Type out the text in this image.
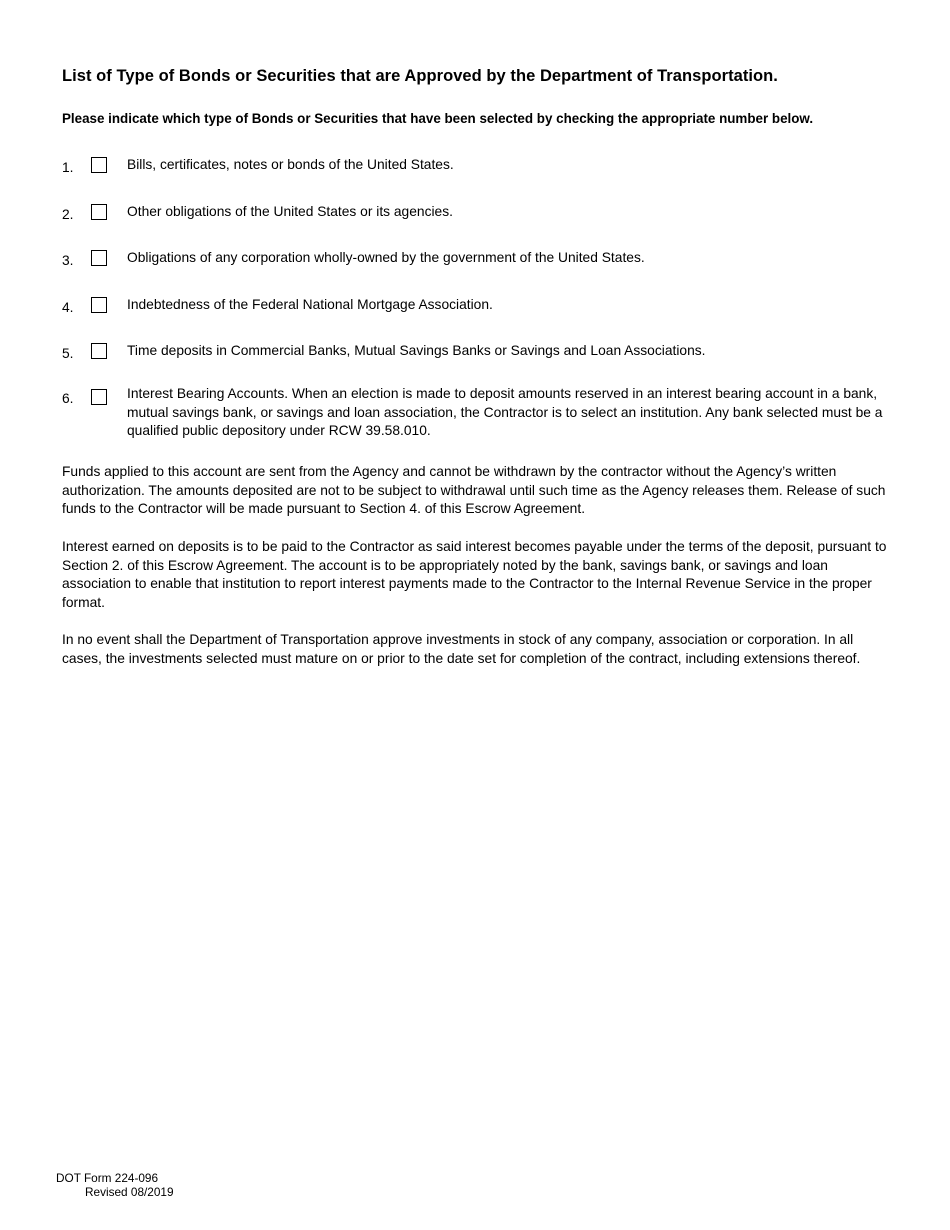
List of Type of Bonds or Securities that are Approved by the Department of Transportation.
Please indicate which type of Bonds or Securities that have been selected by checking the appropriate number below.
1.	Bills, certificates, notes or bonds of the United States.
2.	Other obligations of the United States or its agencies.
3.	Obligations of any corporation wholly-owned by the government of the United States.
4.	Indebtedness of the Federal National Mortgage Association.
5.	Time deposits in Commercial Banks, Mutual Savings Banks or Savings and Loan Associations.
6.	Interest Bearing Accounts. When an election is made to deposit amounts reserved in an interest bearing account in a bank, mutual savings bank, or savings and loan association, the Contractor is to select an institution. Any bank selected must be a qualified public depository under RCW 39.58.010.
Funds applied to this account are sent from the Agency and cannot be withdrawn by the contractor without the Agency’s written authorization. The amounts deposited are not to be subject to withdrawal until such time as the Agency releases them. Release of such funds to the Contractor will be made pursuant to Section 4. of this Escrow Agreement.
Interest earned on deposits is to be paid to the Contractor as said interest becomes payable under the terms of the deposit, pursuant to Section 2. of this Escrow Agreement. The account is to be appropriately noted by the bank, savings bank, or savings and loan association to enable that institution to report interest payments made to the Contractor to the Internal Revenue Service in the proper format.
In no event shall the Department of Transportation approve investments in stock of any company, association or corporation. In all cases, the investments selected must mature on or prior to the date set for completion of the contract, including extensions thereof.
DOT Form 224-096
Revised 08/2019
